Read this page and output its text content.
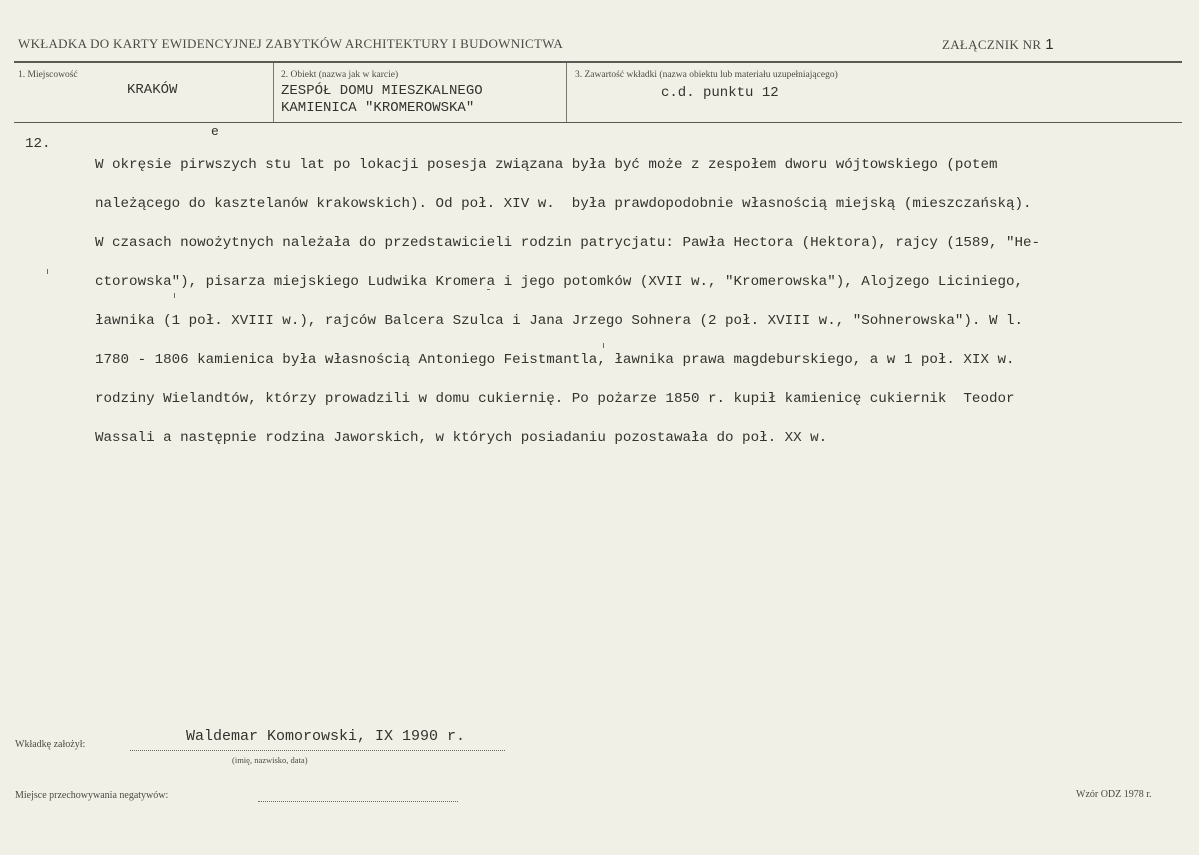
WKŁADKA DO KARTY EWIDENCYJNEJ ZABYTKÓW ARCHITEKTURY I BUDOWNICTWA	ZAŁĄCZNIK NR 1
1. Miejscowość
KRAKÓW
2. Obiekt (nazwa jak w karcie)
ZESPÓŁ DOMU MIESZKALNEGO
KAMIENICA "KROMEROWSKA"
3. Zawartość wkładki (nazwa obiektu lub materiału uzupełniającego)
c.d. punktu 12
12.
e

W okręsie pirwszych stu lat po lokacji posesja związana była być może z zespołem dworu wójtowskiego (potem

należącego do kasztelanów krakowskich). Od poł. XIV w.  była prawdopodobnie własnością miejską (mieszczańską).

W czasach nowożytnych należała do przedstawicieli rodzin patrycjatu: Pawła Hectora (Hektora), rajcy (1589, "He-

ctorowska"), pisarza miejskiego Ludwika Kromera i jego potomków (XVII w., "Kromerowska"), Alojzego Liciniego,

ławnika (1 poł. XVIII w.), rajców Balcera Szulca i Jana Jrzego Sohnera (2 poł. XVIII w., "Sohnerowska"). W l.

1780 - 1806 kamienica była własnością Antoniego Feistmantla, ławnika prawa magdeburskiego, a w 1 poł. XIX w.

rodziny Wielandtów, którzy prowadzili w domu cukiernię. Po pożarze 1850 r. kupił kamienicę cukiernik  Teodor

Wassali a następnie rodzina Jaworskich, w których posiadaniu pozostawała do poł. XX w.

Wkładkę założył:	Waldemar Komorowski, IX 1990 r.
(imię, nazwisko, data)
Miejsce przechowywania negatywów:	Wzór ODZ 1978 r.
